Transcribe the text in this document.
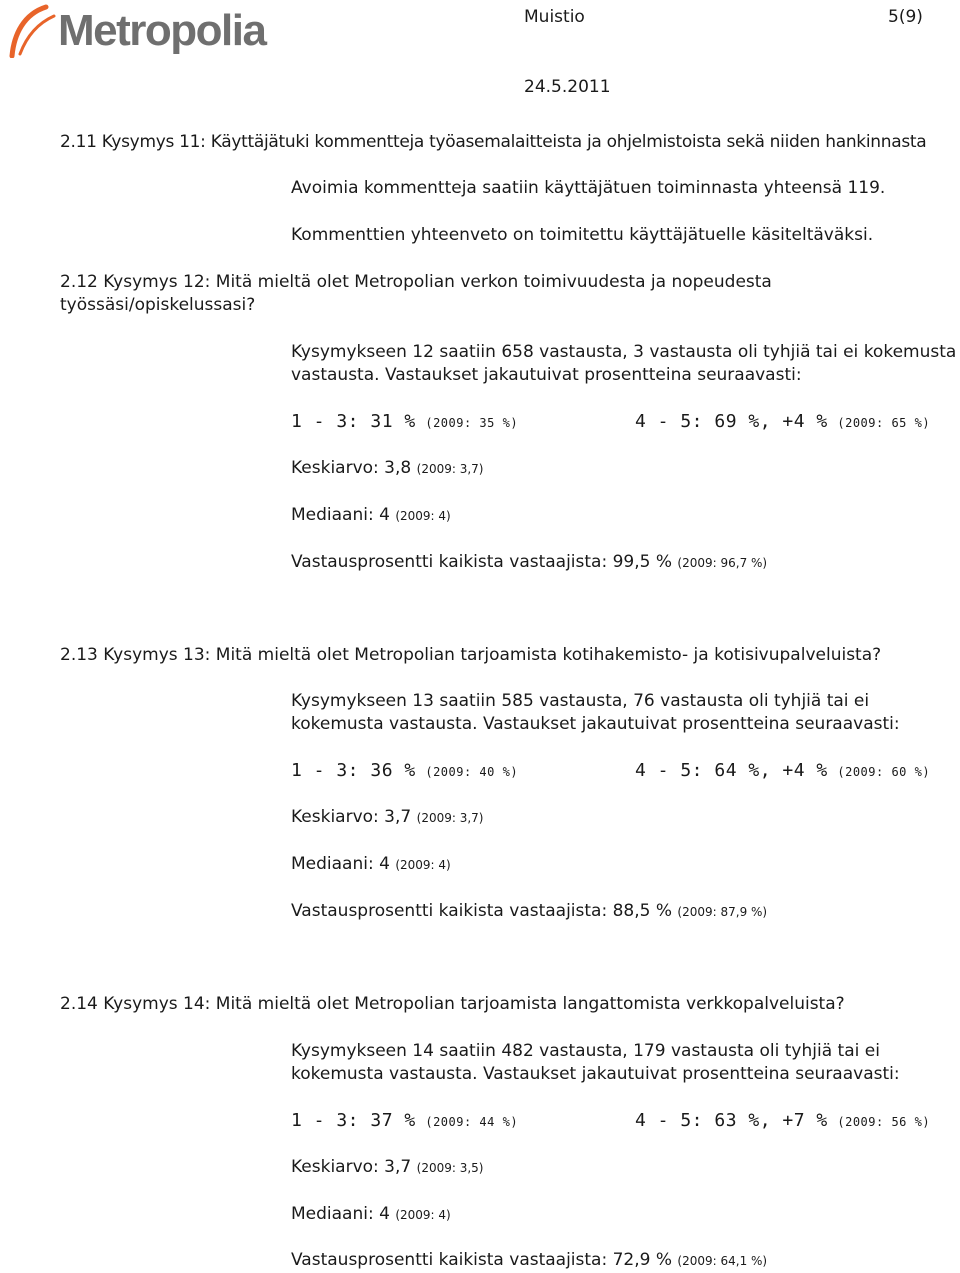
Metropolia	Muistio	5(9)
24.5.2011
2.11 Kysymys 11: Käyttäjätuki kommentteja työasemalaitteista ja ohjelmistoista sekä niiden hankinnasta
Avoimia kommentteja saatiin käyttäjätuen toiminnasta yhteensä 119.
Kommenttien yhteenveto on toimitettu käyttäjätuelle käsiteltäväksi.
2.12 Kysymys 12: Mitä mieltä olet Metropolian verkon toimivuudesta ja nopeudesta
työssäsi/opiskelussasi?
Kysymykseen 12 saatiin 658 vastausta, 3 vastausta oli tyhjiä tai ei kokemusta
vastausta. Vastaukset jakautuivat prosentteina seuraavasti:
1 - 3: 31 % (2009: 35 %)	4 - 5: 69 %, +4 % (2009: 65 %)
Keskiarvo: 3,8 (2009: 3,7)
Mediaani: 4 (2009: 4)
Vastausprosentti kaikista vastaajista: 99,5 % (2009: 96,7 %)
2.13 Kysymys 13: Mitä mieltä olet Metropolian tarjoamista kotihakemisto- ja kotisivupalveluista?
Kysymykseen 13 saatiin 585 vastausta, 76 vastausta oli tyhjiä tai ei
kokemusta vastausta. Vastaukset jakautuivat prosentteina seuraavasti:
1 - 3: 36 % (2009: 40 %)	4 - 5: 64 %, +4 % (2009: 60 %)
Keskiarvo: 3,7 (2009: 3,7)
Mediaani: 4 (2009: 4)
Vastausprosentti kaikista vastaajista: 88,5 % (2009: 87,9 %)
2.14 Kysymys 14: Mitä mieltä olet Metropolian tarjoamista langattomista verkkopalveluista?
Kysymykseen 14 saatiin 482 vastausta, 179 vastausta oli tyhjiä tai ei
kokemusta vastausta. Vastaukset jakautuivat prosentteina seuraavasti:
1 - 3: 37 % (2009: 44 %)	4 - 5: 63 %, +7 % (2009: 56 %)
Keskiarvo: 3,7 (2009: 3,5)
Mediaani: 4 (2009: 4)
Vastausprosentti kaikista vastaajista: 72,9 % (2009: 64,1 %)
